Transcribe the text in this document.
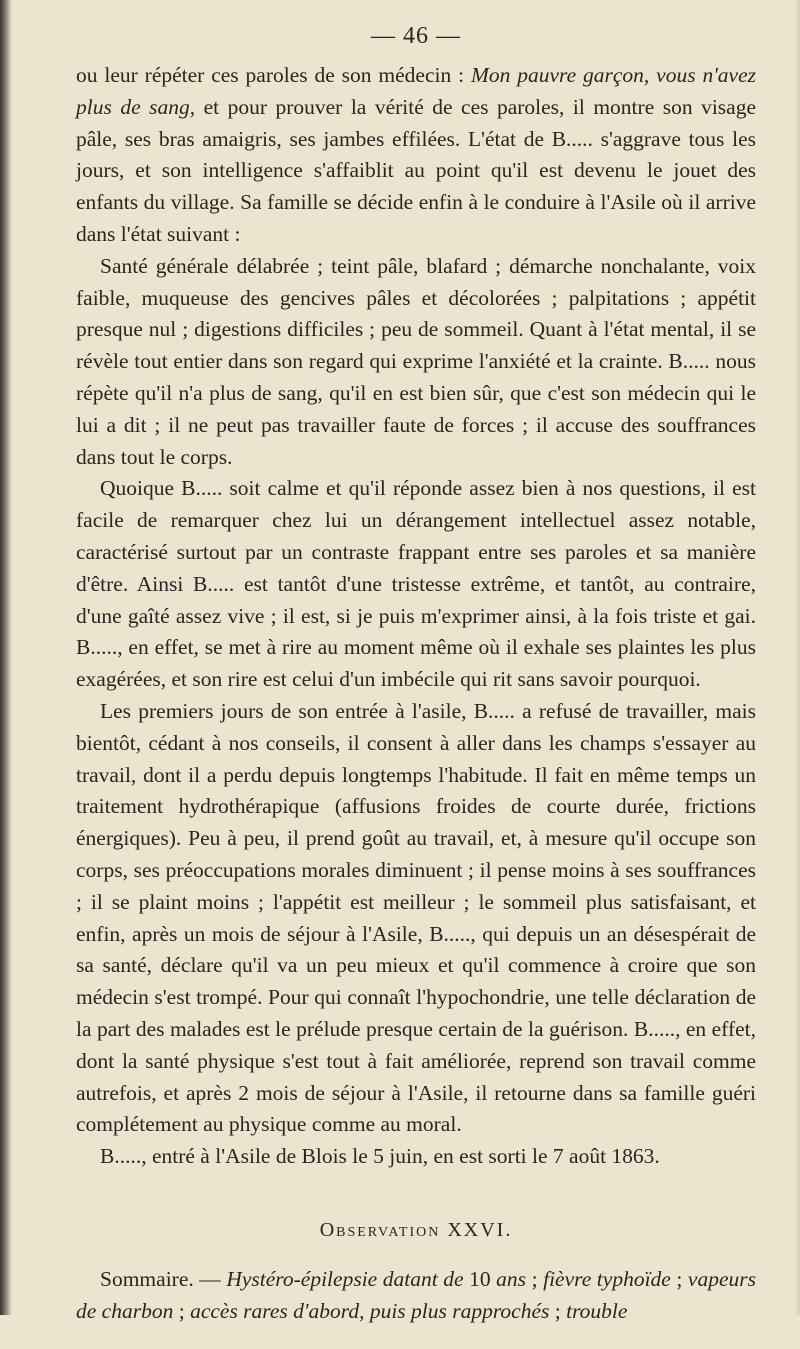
— 46 —

ou leur répéter ces paroles de son médecin : Mon pauvre garçon, vous n'avez plus de sang, et pour prouver la vérité de ces paroles, il montre son visage pâle, ses bras amaigris, ses jambes effilées. L'état de B..... s'aggrave tous les jours, et son intelligence s'affaiblit au point qu'il est devenu le jouet des enfants du village. Sa famille se décide enfin à le conduire à l'Asile où il arrive dans l'état suivant :

Santé générale délabrée ; teint pâle, blafard ; démarche nonchalante, voix faible, muqueuse des gencives pâles et décolorées ; palpitations ; appétit presque nul ; digestions difficiles ; peu de sommeil. Quant à l'état mental, il se révèle tout entier dans son regard qui exprime l'anxiété et la crainte. B..... nous répète qu'il n'a plus de sang, qu'il en est bien sûr, que c'est son médecin qui le lui a dit ; il ne peut pas travailler faute de forces ; il accuse des souffrances dans tout le corps.

Quoique B..... soit calme et qu'il réponde assez bien à nos questions, il est facile de remarquer chez lui un dérangement intellectuel assez notable, caractérisé surtout par un contraste frappant entre ses paroles et sa manière d'être. Ainsi B..... est tantôt d'une tristesse extrême, et tantôt, au contraire, d'une gaîté assez vive ; il est, si je puis m'exprimer ainsi, à la fois triste et gai. B....., en effet, se met à rire au moment même où il exhale ses plaintes les plus exagérées, et son rire est celui d'un imbécile qui rit sans savoir pourquoi.

Les premiers jours de son entrée à l'asile, B..... a refusé de travailler, mais bientôt, cédant à nos conseils, il consent à aller dans les champs s'essayer au travail, dont il a perdu depuis longtemps l'habitude. Il fait en même temps un traitement hydrothérapique (affusions froides de courte durée, frictions énergiques). Peu à peu, il prend goût au travail, et, à mesure qu'il occupe son corps, ses préoccupations morales diminuent ; il pense moins à ses souffrances ; il se plaint moins ; l'appétit est meilleur ; le sommeil plus satisfaisant, et enfin, après un mois de séjour à l'Asile, B....., qui depuis un an désespérait de sa santé, déclare qu'il va un peu mieux et qu'il commence à croire que son médecin s'est trompé. Pour qui connaît l'hypochondrie, une telle déclaration de la part des malades est le prélude presque certain de la guérison. B....., en effet, dont la santé physique s'est tout à fait améliorée, reprend son travail comme autrefois, et après 2 mois de séjour à l'Asile, il retourne dans sa famille guéri complétement au physique comme au moral.

B....., entré à l'Asile de Blois le 5 juin, en est sorti le 7 août 1863.

Observation XXVI.

Sommaire. — Hystéro-épilepsie datant de 10 ans ; fièvre typhoïde ; vapeurs de charbon ; accès rares d'abord, puis plus rapprochés ; trouble
